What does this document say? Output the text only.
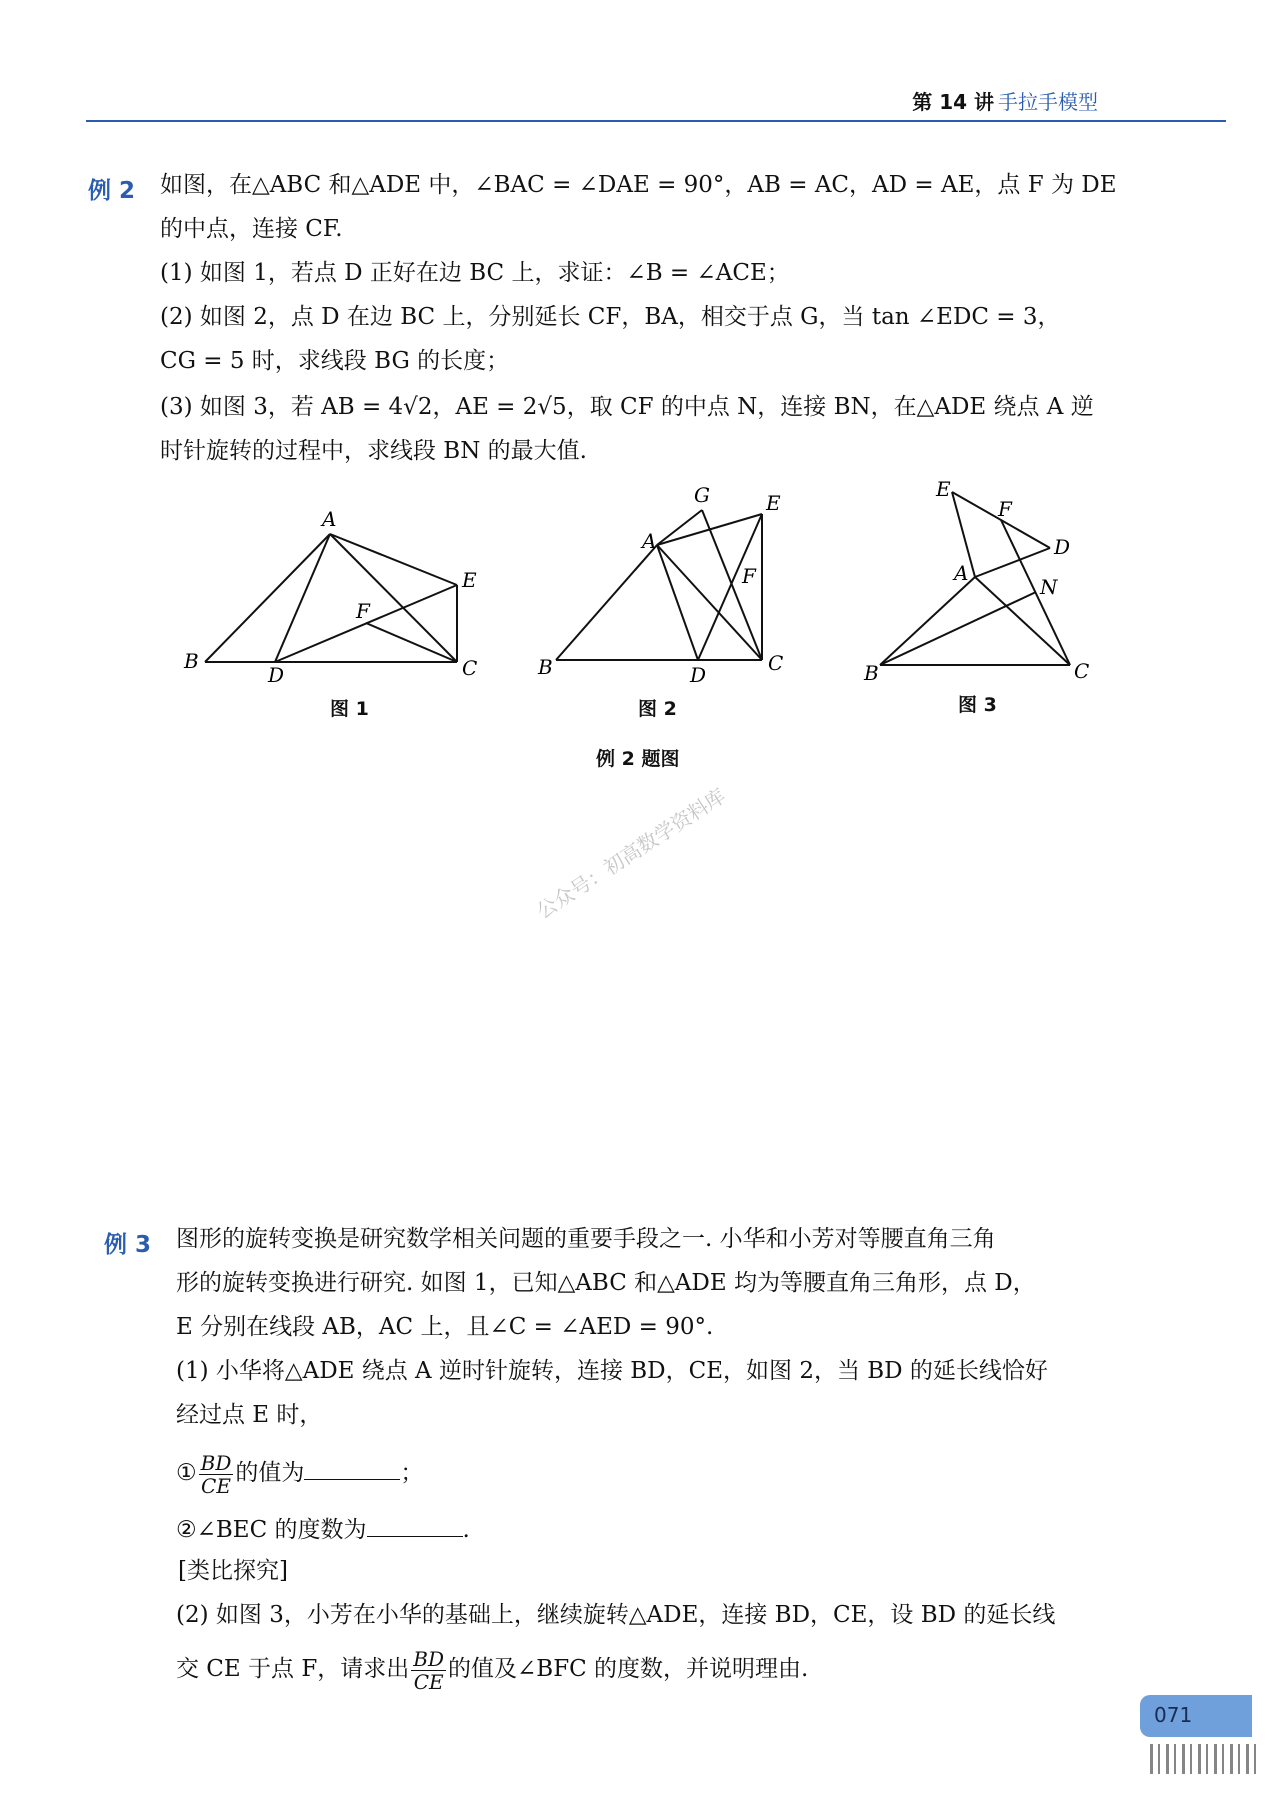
第 14 讲 手拉手模型
例 2 如图，在△ABC 和△ADE 中，∠BAC = ∠DAE = 90°，AB = AC，AD = AE，点 F 为 DE
的中点，连接 CF.
(1) 如图 1，若点 D 正好在边 BC 上，求证：∠B = ∠ACE；
(2) 如图 2，点 D 在边 BC 上，分别延长 CF，BA，相交于点 G，当 tan ∠EDC = 3，
CG = 5 时，求线段 BG 的长度；
(3) 如图 3，若 AB = 4√2，AE = 2√5，取 CF 的中点 N，连接 BN，在△ADE 绕点 A 逆
时针旋转的过程中，求线段 BN 的最大值.
A
B	C
D
E
F
图 1
A
B	C
D
E
F
G
图 2
A
B	C
D
E
F
N
图 3
例 2 题图
公众号：初高数学资料库
例 3 图形的旋转变换是研究数学相关问题的重要手段之一. 小华和小芳对等腰直角三角
形的旋转变换进行研究. 如图 1，已知△ABC 和△ADE 均为等腰直角三角形，点 D，
E 分别在线段 AB，AC 上，且∠C = ∠AED = 90°.
(1) 小华将△ADE 绕点 A 逆时针旋转，连接 BD，CE，如图 2，当 BD 的延长线恰好
经过点 E 时，
① $\frac{BD}{CE}$ 的值为	；
②∠BEC 的度数为	.
[类比探究]
(2) 如图 3，小芳在小华的基础上，继续旋转△ADE，连接 BD，CE，设 BD 的延长线
交 CE 于点 F，请求出 $\frac{BD}{CE}$ 的值及∠BFC 的度数，并说明理由.
071
